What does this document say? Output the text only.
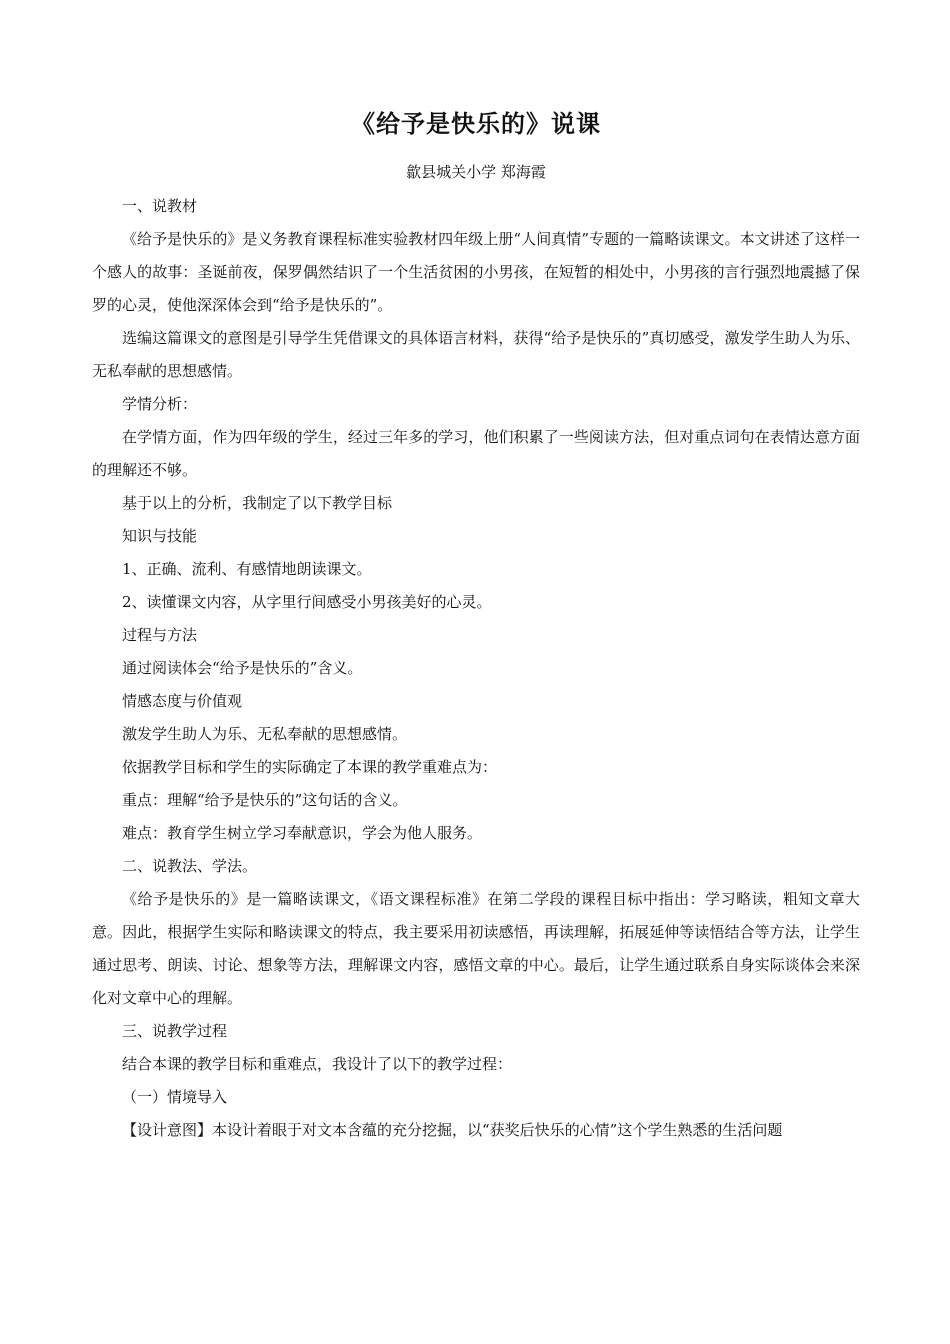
《给予是快乐的》说课
歙县城关小学 郑海霞

一、说教材

《给予是快乐的》是义务教育课程标准实验教材四年级上册“人间真情”专题的一篇略读课文。本文讲述了这样一个感人的故事：圣诞前夜，保罗偶然结识了一个生活贫困的小男孩，在短暂的相处中，小男孩的言行强烈地震撼了保罗的心灵，使他深深体会到“给予是快乐的”。

选编这篇课文的意图是引导学生凭借课文的具体语言材料，获得“给予是快乐的”真切感受，激发学生助人为乐、无私奉献的思想感情。

学情分析：

在学情方面，作为四年级的学生，经过三年多的学习，他们积累了一些阅读方法，但对重点词句在表情达意方面的理解还不够。

基于以上的分析，我制定了以下教学目标

知识与技能

1、正确、流利、有感情地朗读课文。

2、读懂课文内容，从字里行间感受小男孩美好的心灵。

过程与方法

通过阅读体会“给予是快乐的”含义。

情感态度与价值观

激发学生助人为乐、无私奉献的思想感情。

依据教学目标和学生的实际确定了本课的教学重难点为：

重点：理解“给予是快乐的”这句话的含义。

难点：教育学生树立学习奉献意识，学会为他人服务。

二、说教法、学法。

《给予是快乐的》是一篇略读课文，《语文课程标准》在第二学段的课程目标中指出：学习略读，粗知文章大意。因此，根据学生实际和略读课文的特点，我主要采用初读感悟，再读理解，拓展延伸等读悟结合等方法，让学生通过思考、朗读、讨论、想象等方法，理解课文内容，感悟文章的中心。最后，让学生通过联系自身实际谈体会来深化对文章中心的理解。

三、说教学过程

结合本课的教学目标和重难点，我设计了以下的教学过程：

（一）情境导入

【设计意图】本设计着眼于对文本含蕴的充分挖掘，以“获奖后快乐的心情”这个学生熟悉的生活问题
